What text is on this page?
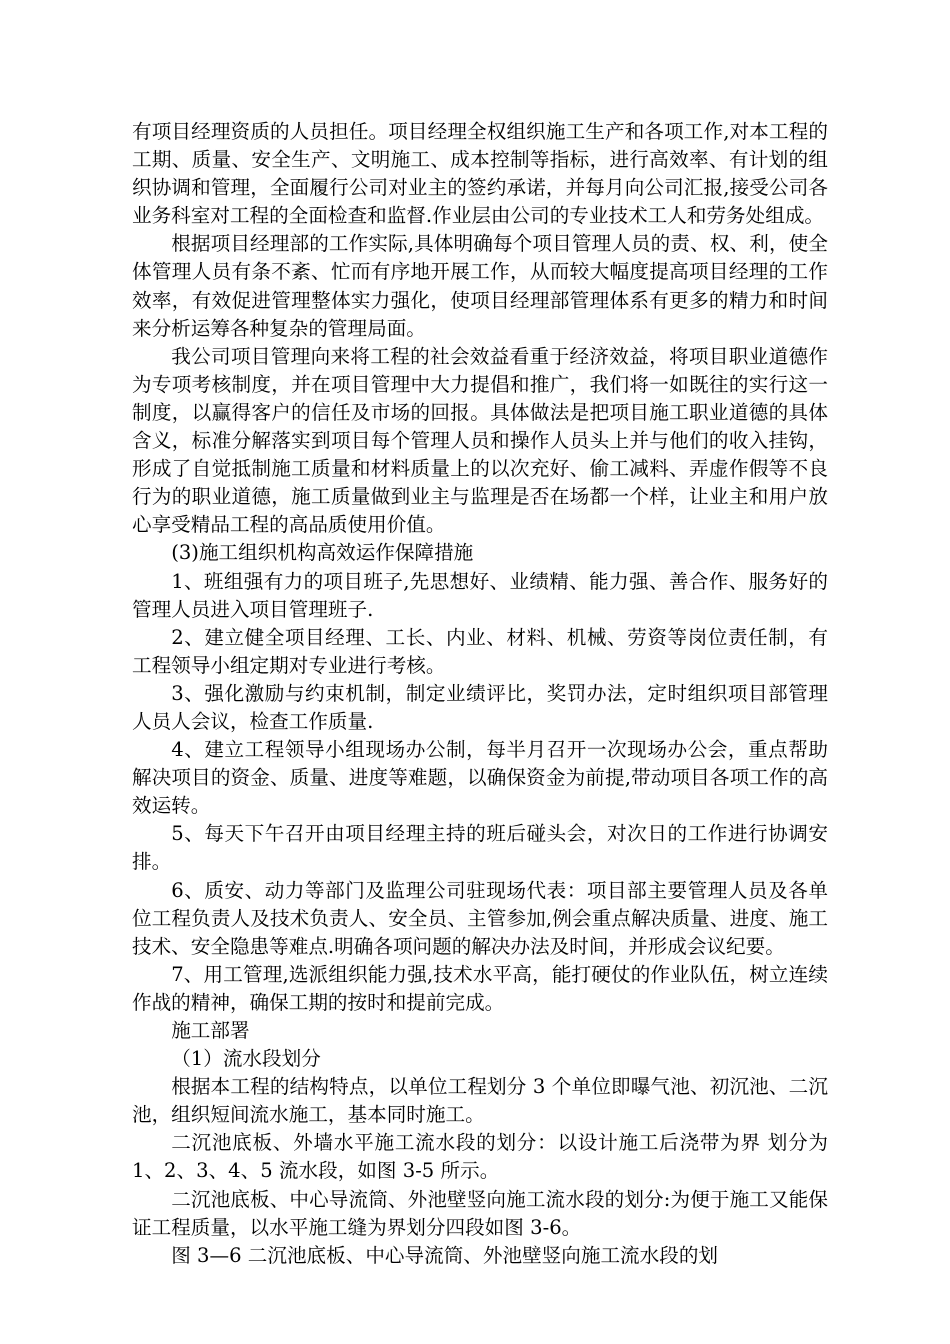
有项目经理资质的人员担任。项目经理全权组织施工生产和各项工作,对本工程的工期、质量、安全生产、文明施工、成本控制等指标，进行高效率、有计划的组织协调和管理，全面履行公司对业主的签约承诺，并每月向公司汇报,接受公司各业务科室对工程的全面检查和监督.作业层由公司的专业技术工人和劳务处组成。

根据项目经理部的工作实际,具体明确每个项目管理人员的责、权、利，使全体管理人员有条不紊、忙而有序地开展工作，从而较大幅度提高项目经理的工作效率，有效促进管理整体实力强化，使项目经理部管理体系有更多的精力和时间来分析运筹各种复杂的管理局面。

我公司项目管理向来将工程的社会效益看重于经济效益，将项目职业道德作为专项考核制度，并在项目管理中大力提倡和推广，我们将一如既往的实行这一制度，以赢得客户的信任及市场的回报。具体做法是把项目施工职业道德的具体含义，标准分解落实到项目每个管理人员和操作人员头上并与他们的收入挂钩，形成了自觉抵制施工质量和材料质量上的以次充好、偷工减料、弄虚作假等不良行为的职业道德，施工质量做到业主与监理是否在场都一个样，让业主和用户放心享受精品工程的高品质使用价值。

(3)施工组织机构高效运作保障措施

1、班组强有力的项目班子,先思想好、业绩精、能力强、善合作、服务好的管理人员进入项目管理班子.

2、建立健全项目经理、工长、内业、材料、机械、劳资等岗位责任制，有工程领导小组定期对专业进行考核。

3、强化激励与约束机制，制定业绩评比，奖罚办法，定时组织项目部管理人员人会议，检查工作质量.

4、建立工程领导小组现场办公制，每半月召开一次现场办公会，重点帮助解决项目的资金、质量、进度等难题，以确保资金为前提,带动项目各项工作的高效运转。

5、每天下午召开由项目经理主持的班后碰头会，对次日的工作进行协调安排。

6、质安、动力等部门及监理公司驻现场代表：项目部主要管理人员及各单位工程负责人及技术负责人、安全员、主管参加,例会重点解决质量、进度、施工技术、安全隐患等难点.明确各项问题的解决办法及时间，并形成会议纪要。

7、用工管理,选派组织能力强,技术水平高，能打硬仗的作业队伍，树立连续作战的精神，确保工期的按时和提前完成。

施工部署

（1）流水段划分

根据本工程的结构特点，以单位工程划分 3 个单位即曝气池、初沉池、二沉池，组织短间流水施工，基本同时施工。

二沉池底板、外墙水平施工流水段的划分：以设计施工后浇带为界 划分为 1、2、3、4、5 流水段，如图 3-5 所示。

二沉池底板、中心导流筒、外池壁竖向施工流水段的划分:为便于施工又能保证工程质量，以水平施工缝为界划分四段如图 3-6。

图 3—6 二沉池底板、中心导流筒、外池壁竖向施工流水段的划
